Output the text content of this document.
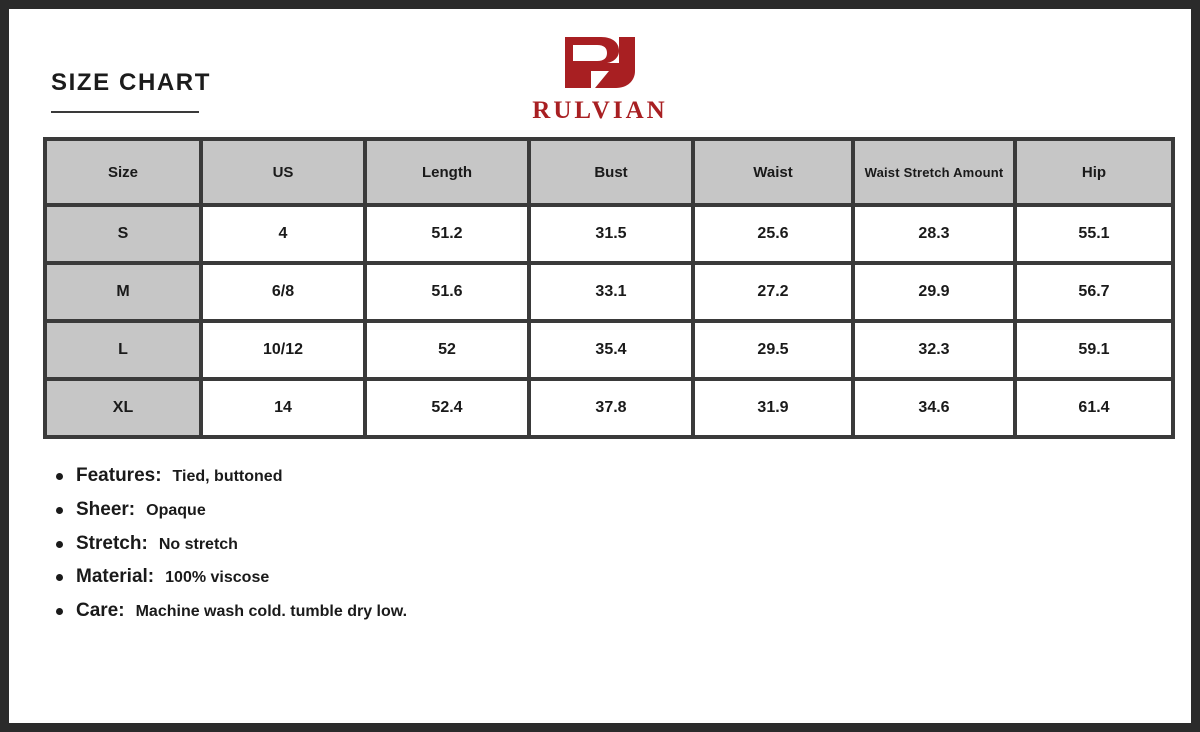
SIZE CHART
RULVIAN
Size	US	Length	Bust	Waist	Waist Stretch Amount	Hip
S	4	51.2	31.5	25.6	28.3	55.1
M	6/8	51.6	33.1	27.2	29.9	56.7
L	10/12	52	35.4	29.5	32.3	59.1
XL	14	52.4	37.8	31.9	34.6	61.4
Features: Tied, buttoned
Sheer: Opaque
Stretch: No stretch
Material: 100% viscose
Care: Machine wash cold. tumble dry low.
